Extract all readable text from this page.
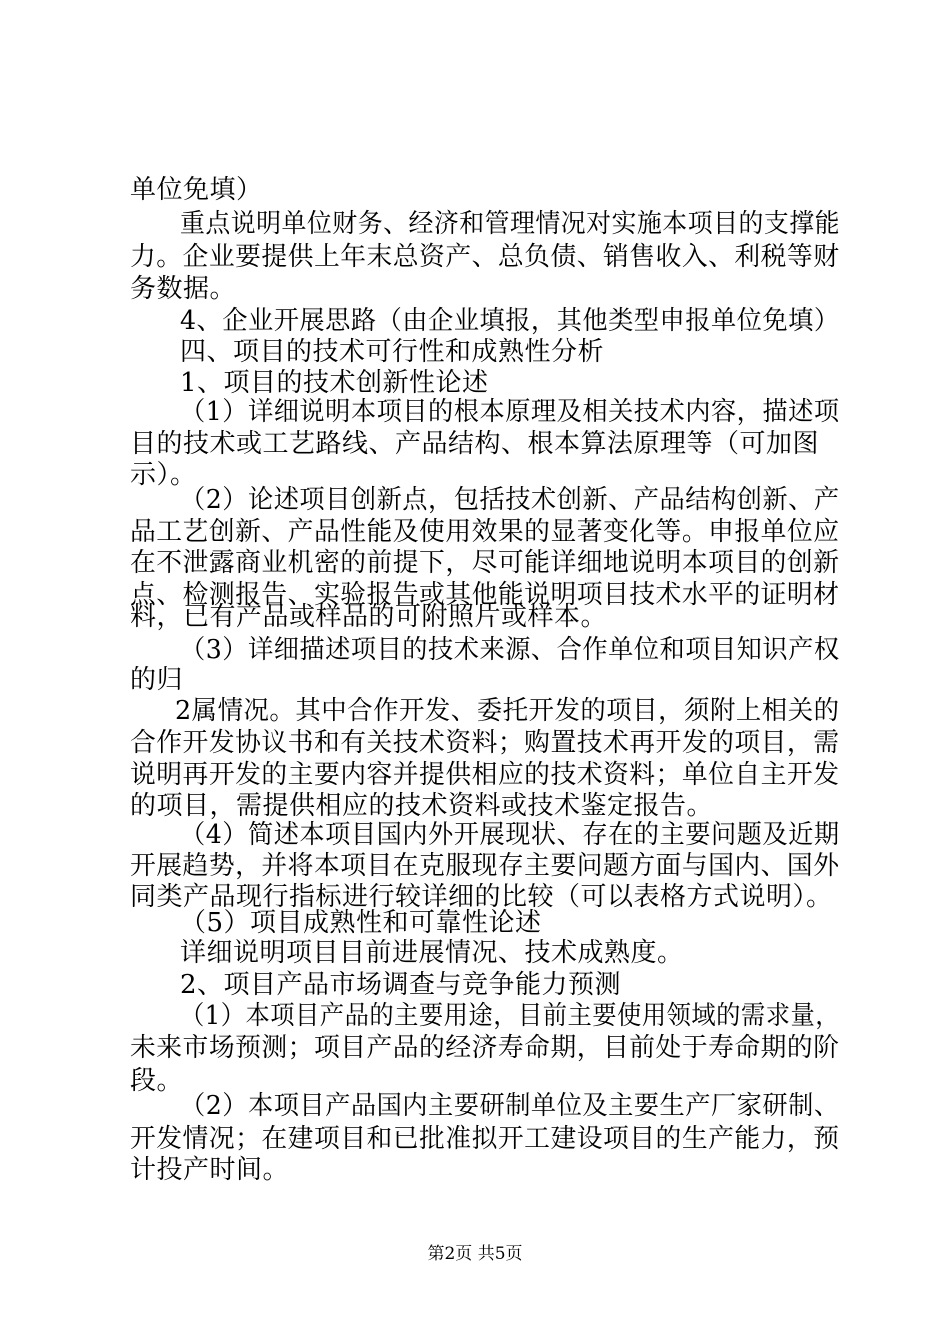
单位免填）
重点说明单位财务、经济和管理情况对实施本项目的支撑能
力。企业要提供上年末总资产、总负债、销售收入、利税等财
务数据。
4、企业开展思路（由企业填报，其他类型申报单位免填）
四、项目的技术可行性和成熟性分析
1、项目的技术创新性论述
（1）详细说明本项目的根本原理及相关技术内容，描述项
目的技术或工艺路线、产品结构、根本算法原理等（可加图
示）。
（2）论述项目创新点，包括技术创新、产品结构创新、产
品工艺创新、产品性能及使用效果的显著变化等。申报单位应
在不泄露商业机密的前提下，尽可能详细地说明本项目的创新
点、检测报告、实验报告或其他能说明项目技术水平的证明材
料，已有产品或样品的可附照片或样本。
（3）详细描述项目的技术来源、合作单位和项目知识产权
的归
2属情况。其中合作开发、委托开发的项目，须附上相关的
合作开发协议书和有关技术资料；购置技术再开发的项目，需
说明再开发的主要内容并提供相应的技术资料；单位自主开发
的项目，需提供相应的技术资料或技术鉴定报告。
（4）简述本项目国内外开展现状、存在的主要问题及近期
开展趋势，并将本项目在克服现存主要问题方面与国内、国外
同类产品现行指标进行较详细的比较（可以表格方式说明）。
（5）项目成熟性和可靠性论述
详细说明项目目前进展情况、技术成熟度。
2、项目产品市场调查与竞争能力预测
（1）本项目产品的主要用途，目前主要使用领域的需求量，
未来市场预测；项目产品的经济寿命期，目前处于寿命期的阶
段。
（2）本项目产品国内主要研制单位及主要生产厂家研制、
开发情况；在建项目和已批准拟开工建设项目的生产能力，预
计投产时间。
第2页 共5页
